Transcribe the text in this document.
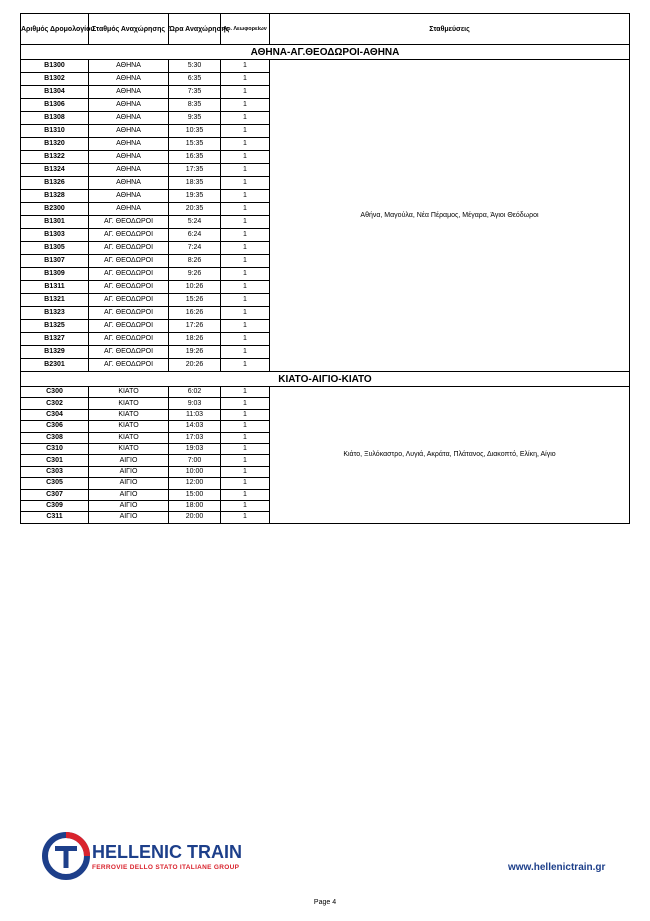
Αριθμός Δρομολογίου	Σταθμός Αναχώρησης	Ώρα Αναχώρησης	Αρ. Λεωφορείων	Σταθμεύσεις
ΑΘΗΝΑ-ΑΓ.ΘΕΟΔΩΡΟΙ-ΑΘΗΝΑ				
B1300	ΑΘΗΝΑ	5:30	1	Αθήνα, Μαγούλα, Νέα Πέραμος, Μέγαρα, Άγιοι Θεόδωροι
B1302	ΑΘΗΝΑ	6:35	1	
B1304	ΑΘΗΝΑ	7:35	1	
B1306	ΑΘΗΝΑ	8:35	1	
B1308	ΑΘΗΝΑ	9:35	1	
B1310	ΑΘΗΝΑ	10:35	1	
B1320	ΑΘΗΝΑ	15:35	1	
B1322	ΑΘΗΝΑ	16:35	1	
B1324	ΑΘΗΝΑ	17:35	1	
B1326	ΑΘΗΝΑ	18:35	1	
B1328	ΑΘΗΝΑ	19:35	1	
B2300	ΑΘΗΝΑ	20:35	1	
B1301	ΑΓ. ΘΕΟΔΩΡΟΙ	5:24	1	
B1303	ΑΓ. ΘΕΟΔΩΡΟΙ	6:24	1	
B1305	ΑΓ. ΘΕΟΔΩΡΟΙ	7:24	1	
B1307	ΑΓ. ΘΕΟΔΩΡΟΙ	8:26	1	
B1309	ΑΓ. ΘΕΟΔΩΡΟΙ	9:26	1	
B1311	ΑΓ. ΘΕΟΔΩΡΟΙ	10:26	1	
B1321	ΑΓ. ΘΕΟΔΩΡΟΙ	15:26	1	
B1323	ΑΓ. ΘΕΟΔΩΡΟΙ	16:26	1	
B1325	ΑΓ. ΘΕΟΔΩΡΟΙ	17:26	1	
B1327	ΑΓ. ΘΕΟΔΩΡΟΙ	18:26	1	
B1329	ΑΓ. ΘΕΟΔΩΡΟΙ	19:26	1	
B2301	ΑΓ. ΘΕΟΔΩΡΟΙ	20:26	1	
ΚΙΑΤΟ-ΑΙΓΙΟ-ΚΙΑΤΟ				
C300	ΚΙΑΤΟ	6:02	1	Κιάτο, Ξυλόκαστρο, Λυγιά, Ακράτα, Πλάτανος, Διακοπτό, Ελίκη, Αίγιο
C302	ΚΙΑΤΟ	9:03	1	
C304	ΚΙΑΤΟ	11:03	1	
C306	ΚΙΑΤΟ	14:03	1	
C308	ΚΙΑΤΟ	17:03	1	
C310	ΚΙΑΤΟ	19:03	1	
C301	ΑΙΓΙΟ	7:00	1	
C303	ΑΙΓΙΟ	10:00	1	
C305	ΑΙΓΙΟ	12:00	1	
C307	ΑΙΓΙΟ	15:00	1	
C309	ΑΙΓΙΟ	18:00	1	
C311	ΑΙΓΙΟ	20:00	1	
HELLENIC TRAIN
FERROVIE DELLO STATO ITALIANE GROUP	www.hellenictrain.gr
Page 4
